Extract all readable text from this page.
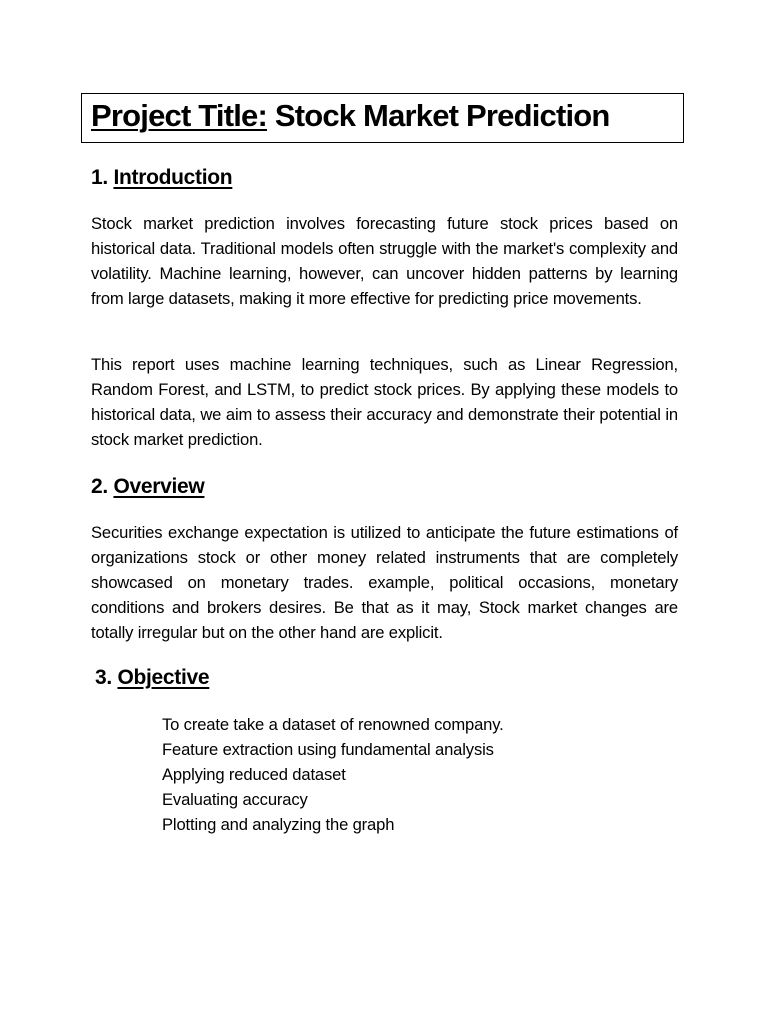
Project Title: Stock Market Prediction
1. Introduction

Stock market prediction involves forecasting future stock prices based on historical data. Traditional models often struggle with the market's complexity and volatility. Machine learning, however, can uncover hidden patterns by learning from large datasets, making it more effective for predicting price movements.

This report uses machine learning techniques, such as Linear Regression, Random Forest, and LSTM, to predict stock prices. By applying these models to historical data, we aim to assess their accuracy and demonstrate their potential in stock market prediction.

2. Overview

Securities exchange expectation is utilized to anticipate the future estimations of organizations stock or other money related instruments that are completely showcased on monetary trades. example, political occasions, monetary conditions and brokers desires. Be that as it may, Stock market changes are totally irregular but on the other hand are explicit.

3. Objective
To create take a dataset of renowned company.
Feature extraction using fundamental analysis
Applying reduced dataset
Evaluating accuracy
Plotting and analyzing the graph
